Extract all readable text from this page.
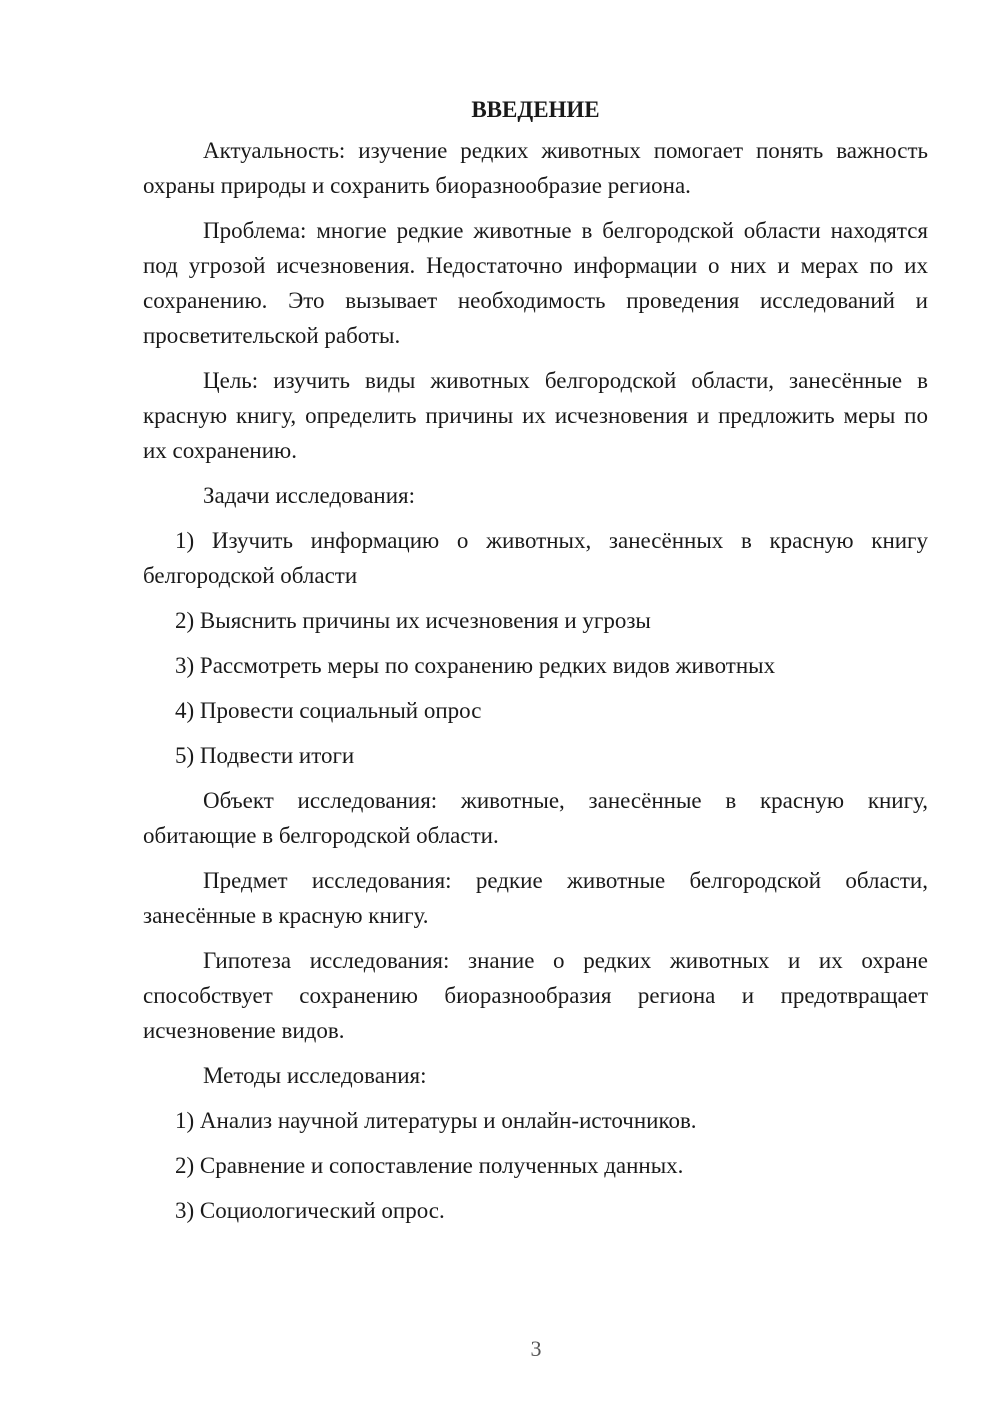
ВВЕДЕНИЕ

Актуальность: изучение редких животных помогает понять важность охраны природы и сохранить биоразнообразие региона.

Проблема: многие редкие животные в белгородской области находятся под угрозой исчезновения. Недостаточно информации о них и мерах по их сохранению. Это вызывает необходимость проведения исследований и просветительской работы.

Цель: изучить виды животных белгородской области, занесённые в красную книгу, определить причины их исчезновения и предложить меры по их сохранению.

Задачи исследования:

1) Изучить информацию о животных, занесённых в красную книгу белгородской области

2) Выяснить причины их исчезновения и угрозы

3) Рассмотреть меры по сохранению редких видов животных

4) Провести социальный опрос

5) Подвести итоги

Объект исследования: животные, занесённые в красную книгу, обитающие в белгородской области.

Предмет исследования: редкие животные белгородской области, занесённые в красную книгу.

Гипотеза исследования: знание о редких животных и их охране способствует сохранению биоразнообразия региона и предотвращает исчезновение видов.

Методы исследования:

1) Анализ научной литературы и онлайн-источников.

2) Сравнение и сопоставление полученных данных.

3) Социологический опрос.

3
